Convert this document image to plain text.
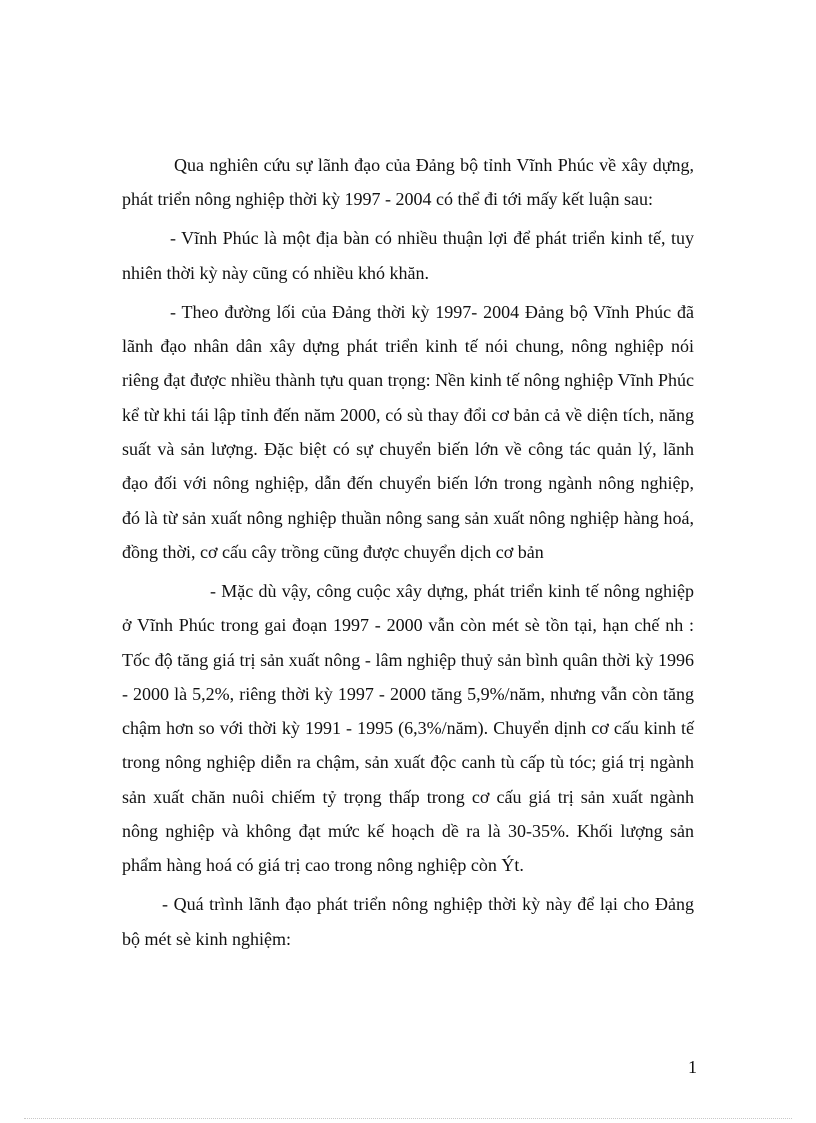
Qua nghiên cứu sự lãnh đạo của Đảng bộ tỉnh Vĩnh Phúc về xây dựng, phát triển nông nghiệp thời kỳ 1997 - 2004 có thể đi tới mấy kết luận sau:

- Vĩnh Phúc là một địa bàn có nhiều thuận lợi để phát triển kinh tế, tuy nhiên thời kỳ này cũng có nhiều khó khăn.

- Theo đường lối của Đảng thời kỳ 1997- 2004 Đảng bộ Vĩnh Phúc đã lãnh đạo nhân dân xây dựng phát triển kinh tế nói chung, nông nghiệp nói riêng đạt được nhiều thành tựu quan trọng: Nền kinh tế nông nghiệp Vĩnh Phúc kể từ khi tái lập tỉnh đến năm 2000, có sù thay đổi cơ bản cả về diện tích, năng suất và sản lượng. Đặc biệt có sự chuyển biến lớn về công tác quản lý, lãnh đạo đối với nông nghiệp, dẫn đến chuyển biến lớn trong ngành nông nghiệp, đó là từ sản xuất nông nghiệp thuần nông sang sản xuất nông nghiệp hàng hoá, đồng thời, cơ cấu cây trồng cũng được chuyển dịch cơ bản

- Mặc dù vậy, công cuộc xây dựng, phát triển kinh tế nông nghiệp ở Vĩnh Phúc trong gai đoạn 1997 - 2000 vẫn còn mét sè tồn tại, hạn chế nh : Tốc độ tăng giá trị sản xuất nông - lâm nghiệp thuỷ sản bình quân thời kỳ 1996 - 2000 là 5,2%, riêng thời kỳ 1997 - 2000 tăng 5,9%/năm, nhưng vẫn còn tăng chậm hơn so với thời kỳ 1991 - 1995 (6,3%/năm). Chuyển dịnh cơ cấu kinh tế trong nông nghiệp diễn ra chậm, sản xuất độc canh tù cấp tù tóc; giá trị ngành sản xuất chăn nuôi chiếm tỷ trọng thấp trong cơ cấu giá trị sản xuất ngành nông nghiệp và không đạt mức kế hoạch dề ra là 30-35%. Khối lượng sản phẩm hàng hoá có giá trị cao trong nông nghiệp còn Ýt.

- Quá trình lãnh đạo phát triển nông nghiệp thời kỳ này để lại cho Đảng bộ mét sè kinh nghiệm:

1
